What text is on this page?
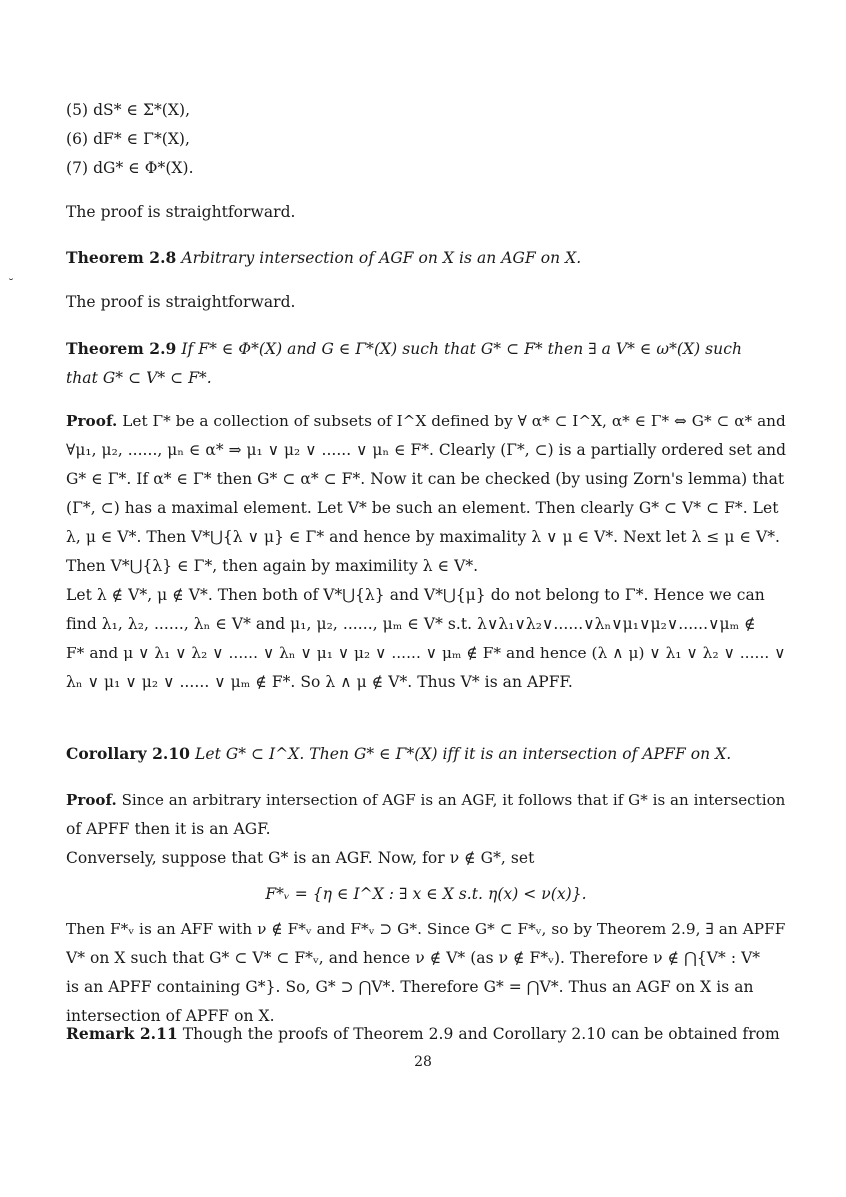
˘
(5) dS* ∈ Σ*(X),
(6) dF* ∈ Γ*(X),
(7) dG* ∈ Φ*(X).
The proof is straightforward.
Theorem 2.8 Arbitrary intersection of AGF on X is an AGF on X.
The proof is straightforward.
Theorem 2.9 If F* ∈ Φ*(X) and G ∈ Γ*(X) such that G* ⊂ F* then ∃ a V* ∈ ω*(X) such
that G* ⊂ V* ⊂ F*.
Proof. Let Γ* be a collection of subsets of I^X defined by ∀ α* ⊂ I^X, α* ∈ Γ* ⇔ G* ⊂ α* and
∀μ₁, μ₂, ......, μₙ ∈ α* ⇒ μ₁ ∨ μ₂ ∨ ...... ∨ μₙ ∈ F*. Clearly (Γ*, ⊂) is a partially ordered set and
G* ∈ Γ*. If α* ∈ Γ* then G* ⊂ α* ⊂ F*. Now it can be checked (by using Zorn's lemma) that
(Γ*, ⊂) has a maximal element. Let V* be such an element. Then clearly G* ⊂ V* ⊂ F*. Let
λ, μ ∈ V*. Then V*⋃{λ ∨ μ} ∈ Γ* and hence by maximality λ ∨ μ ∈ V*. Next let λ ≤ μ ∈ V*.
Then V*⋃{λ} ∈ Γ*, then again by maximility λ ∈ V*.
Let λ ∉ V*, μ ∉ V*. Then both of V*⋃{λ} and V*⋃{μ} do not belong to Γ*. Hence we can
find λ₁, λ₂, ......, λₙ ∈ V* and μ₁, μ₂, ......, μₘ ∈ V* s.t. λ∨λ₁∨λ₂∨......∨λₙ∨μ₁∨μ₂∨......∨μₘ ∉
F* and μ ∨ λ₁ ∨ λ₂ ∨ ...... ∨ λₙ ∨ μ₁ ∨ μ₂ ∨ ...... ∨ μₘ ∉ F* and hence (λ ∧ μ) ∨ λ₁ ∨ λ₂ ∨ ...... ∨
λₙ ∨ μ₁ ∨ μ₂ ∨ ...... ∨ μₘ ∉ F*. So λ ∧ μ ∉ V*. Thus V* is an APFF.
Corollary 2.10 Let G* ⊂ I^X. Then G* ∈ Γ*(X) iff it is an intersection of APFF on X.
Proof. Since an arbitrary intersection of AGF is an AGF, it follows that if G* is an intersection
of APFF then it is an AGF.
Conversely, suppose that G* is an AGF. Now, for ν ∉ G*, set
F*ᵥ = {η ∈ I^X : ∃ x ∈ X s.t. η(x) < ν(x)}.
Then F*ᵥ is an AFF with ν ∉ F*ᵥ and F*ᵥ ⊃ G*. Since G* ⊂ F*ᵥ, so by Theorem 2.9, ∃ an APFF
V* on X such that G* ⊂ V* ⊂ F*ᵥ, and hence ν ∉ V* (as ν ∉ F*ᵥ). Therefore ν ∉ ⋂{V* : V*
is an APFF containing G*}. So, G* ⊃ ⋂V*. Therefore G* = ⋂V*. Thus an AGF on X is an
intersection of APFF on X.
Remark 2.11 Though the proofs of Theorem 2.9 and Corollary 2.10 can be obtained from
28
